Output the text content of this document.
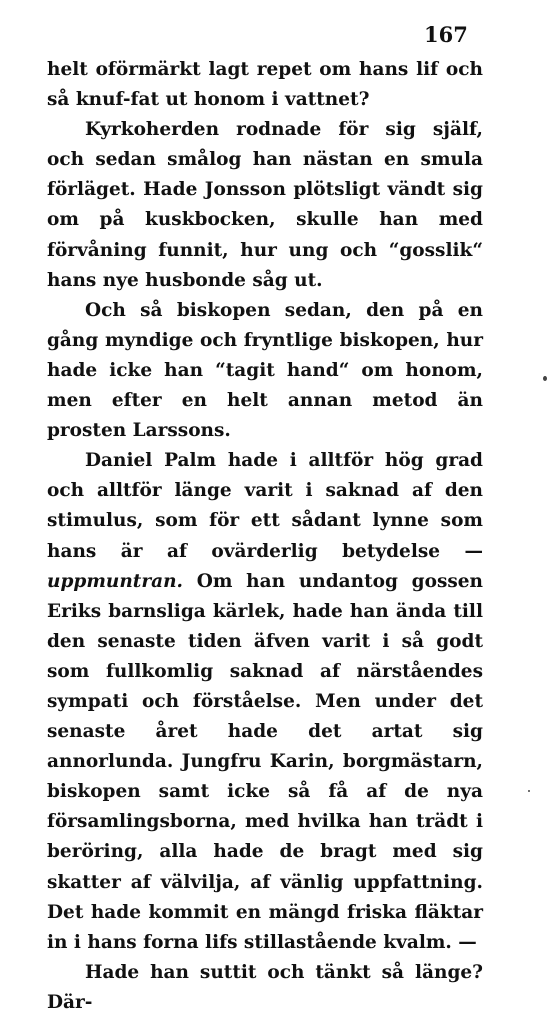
167

helt oförmärkt lagt repet om hans lif och så knuf-fat ut honom i vattnet?

Kyrkoherden rodnade för sig själf, och sedan smålog han nästan en smula förläget. Hade Jonsson plötsligt vändt sig om på kuskbocken, skulle han med förvåning funnit, hur ung och “gosslik“ hans nye husbonde såg ut.

Och så biskopen sedan, den på en gång myndige och fryntlige biskopen, hur hade icke han “tagit hand“ om honom, men efter en helt annan metod än prosten Larssons.

Daniel Palm hade i alltför hög grad och alltför länge varit i saknad af den stimulus, som för ett sådant lynne som hans är af ovärderlig betydelse — uppmuntran. Om han undantog gossen Eriks barnsliga kärlek, hade han ända till den senaste tiden äfven varit i så godt som fullkomlig saknad af närståendes sympati och förståelse. Men under det senaste året hade det artat sig annorlunda. Jungfru Karin, borgmästarn, biskopen samt icke så få af de nya församlingsborna, med hvilka han trädt i beröring, alla hade de bragt med sig skatter af välvilja, af vänlig uppfattning. Det hade kommit en mängd friska fläktar in i hans forna lifs stillastående kvalm. —

Hade han suttit och tänkt så länge? Där-
